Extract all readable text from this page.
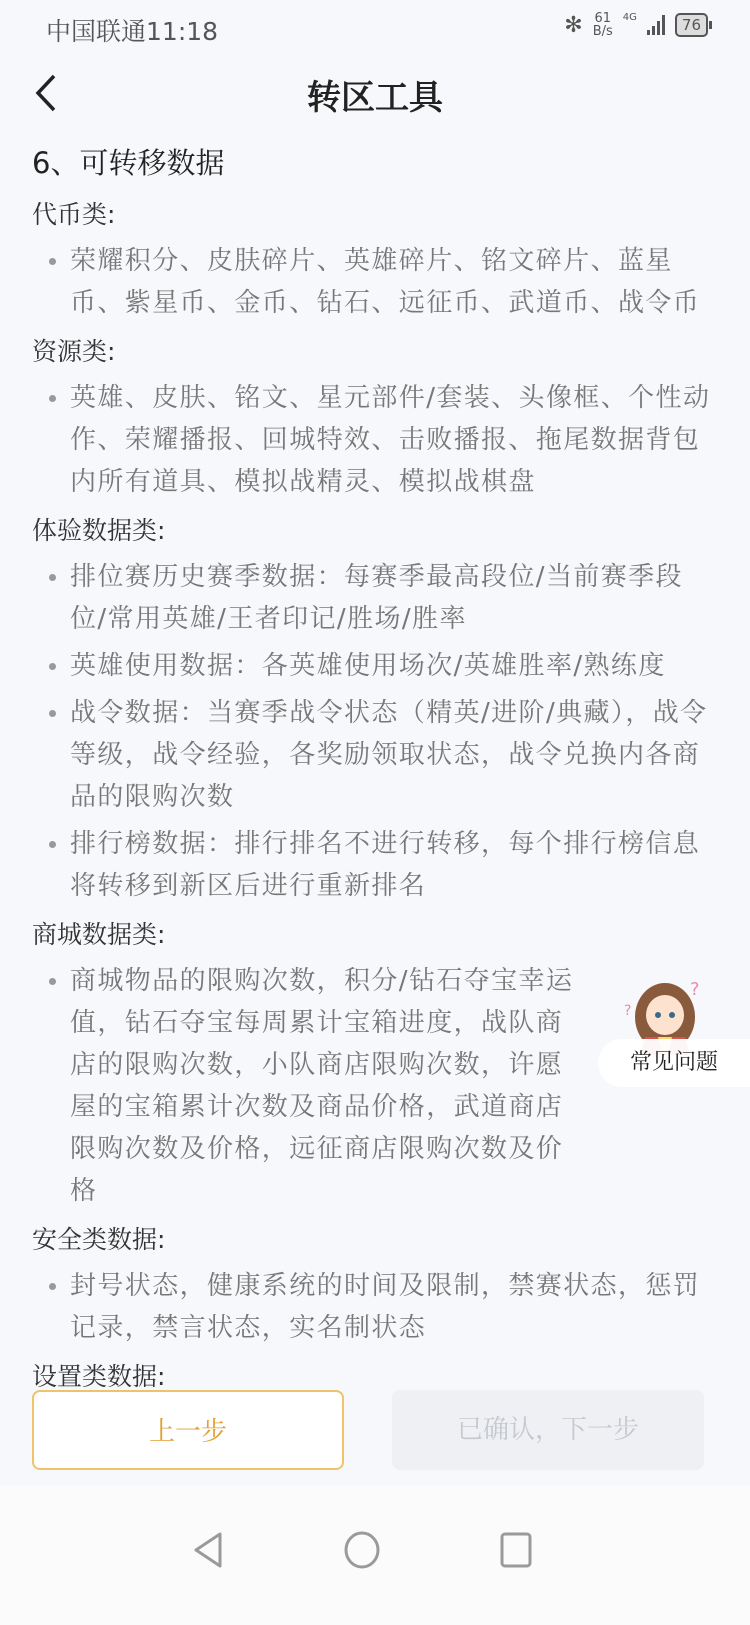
中国联通11:18	✻ 61
B/s
4G	76
转区工具
6、可转移数据
代币类:
荣耀积分、皮肤碎片、英雄碎片、铭文碎片、蓝星币、紫星币、金币、钻石、远征币、武道币、战令币
资源类:
英雄、皮肤、铭文、星元部件/套装、头像框、个性动作、荣耀播报、回城特效、击败播报、拖尾数据背包内所有道具、模拟战精灵、模拟战棋盘
体验数据类:
排位赛历史赛季数据：每赛季最高段位/当前赛季段位/常用英雄/王者印记/胜场/胜率
英雄使用数据：各英雄使用场次/英雄胜率/熟练度
战令数据：当赛季战令状态（精英/进阶/典藏），战令等级，战令经验，各奖励领取状态，战令兑换内各商品的限购次数
排行榜数据：排行排名不进行转移，每个排行榜信息将转移到新区后进行重新排名
商城数据类:
商城物品的限购次数，积分/钻石夺宝幸运值，钻石夺宝每周累计宝箱进度，战队商店的限购次数，小队商店限购次数，许愿屋的宝箱累计次数及商品价格，武道商店限购次数及价格，远征商店限购次数及价格
安全类数据:
封号状态，健康系统的时间及限制，禁赛状态，惩罚记录，禁言状态，实名制状态
设置类数据:
?
?
常见问题
上一步	已确认，下一步
